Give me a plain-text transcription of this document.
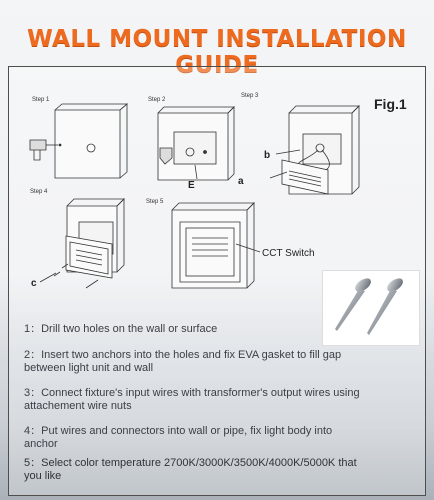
WALL MOUNT INSTALLATION GUIDE
Fig.1
Step 1	Step 2
Step 3
Step 4
Step 5
b
a
E
c
CCT Switch
1：Drill two holes on the wall or surface
2：Insert two anchors into the holes and fix EVA gasket to fill gap between light unit and wall
3：Connect fixture's input wires with transformer's output wires using attachement wire nuts
4：Put wires and connectors into wall or pipe, fix light body into anchor
5：Select color temperature 2700K/3000K/3500K/4000K/5000K that you like
